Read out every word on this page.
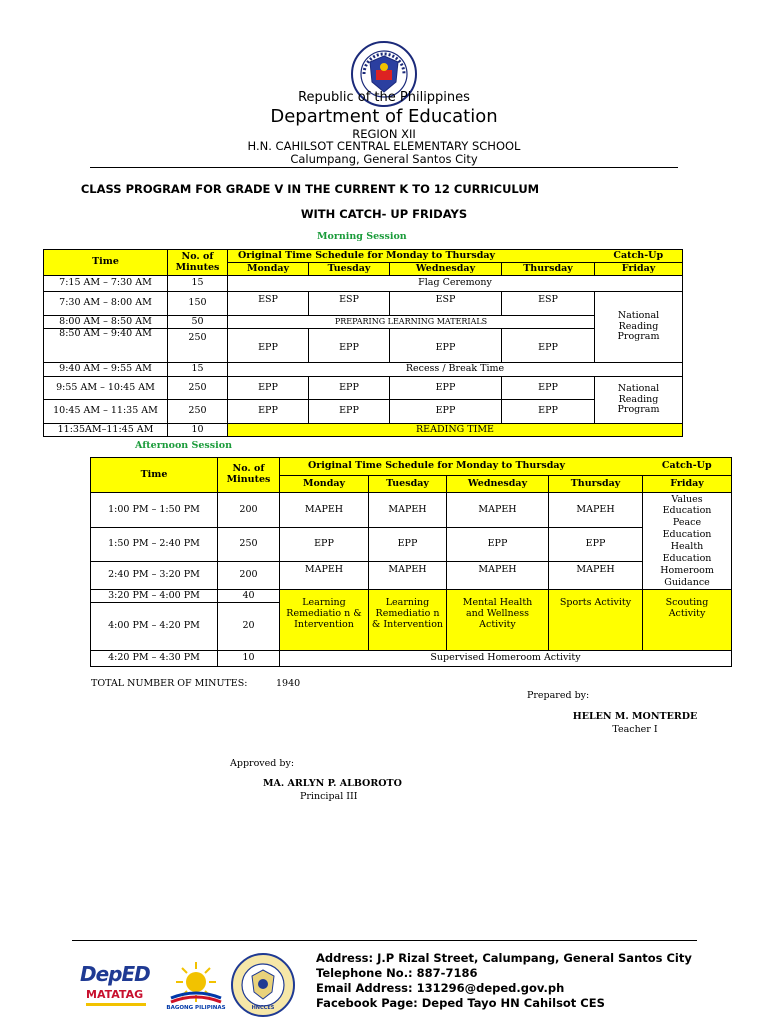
Republic of the Philippines
Department of Education
REGION XII
H.N. CAHILSOT CENTRAL ELEMENTARY SCHOOL
Calumpang, General Santos City
CLASS PROGRAM FOR GRADE V IN THE CURRENT K TO 12 CURRICULUM
WITH CATCH- UP FRIDAYS
Morning Session
Time	No. of Minutes	Original Time Schedule for Monday to Thursday				Catch-Up
		Monday	Tuesday	Wednesday	Thursday	Friday
7:15 AM – 7:30 AM	15	Flag Ceremony				
7:30 AM – 8:00 AM	150	ESP	ESP	ESP	ESP	National Reading Program
8:00 AM – 8:50 AM	50	PREPARING LEARNING MATERIALS				
8:50 AM – 9:40 AM	250	EPP	EPP	EPP	EPP	
9:40 AM – 9:55 AM	15	Recess / Break Time				
9:55 AM – 10:45 AM	250	EPP	EPP	EPP	EPP	National Reading Program
10:45 AM – 11:35 AM	250	EPP	EPP	EPP	EPP	
11:35AM–11:45 AM	10	READING TIME				
Afternoon Session
Time	No. of Minutes	Original Time Schedule for Monday to Thursday				Catch-Up
		Monday	Tuesday	Wednesday	Thursday	Friday
1:00 PM – 1:50 PM	200	MAPEH	MAPEH	MAPEH	MAPEH	Values Education Peace Education Health Education Homeroom Guidance
1:50 PM – 2:40 PM	250	EPP	EPP	EPP	EPP	
2:40 PM – 3:20 PM	200	MAPEH	MAPEH	MAPEH	MAPEH	
3:20 PM – 4:00 PM	40	Learning Remediatio n & Intervention	Learning Remediatio n & Intervention	Mental Health and Wellness Activity	Sports Activity	Scouting Activity
4:00 PM – 4:20 PM	20					
4:20 PM – 4:30 PM	10	Supervised Homeroom Activity				
TOTAL NUMBER OF MINUTES:	1940
Prepared by:
HELEN M. MONTERDE
Teacher I
Approved by:
MA. ARLYN P. ALBOROTO
Principal III
DepED
MATATAG
BAGONG PILIPINAS	HNCCES
Address: J.P Rizal Street, Calumpang, General Santos City
Telephone No.: 887-7186
Email Address: 131296@deped.gov.ph
Facebook Page: Deped Tayo HN Cahilsot CES
